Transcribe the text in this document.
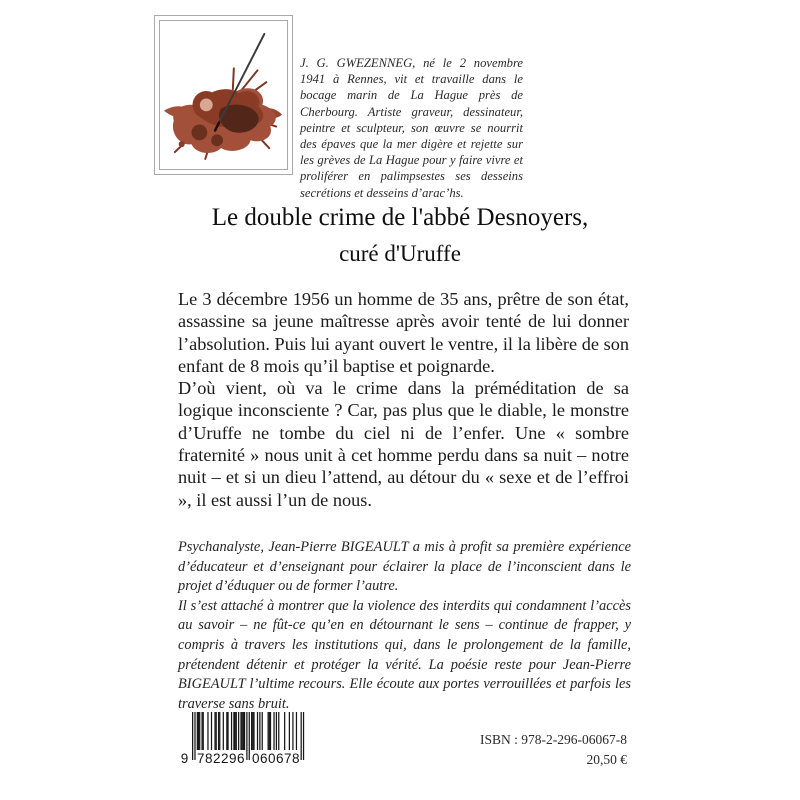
J. G. GWEZENNEG, né le 2 novembre 1941 à Rennes, vit et travaille dans le bocage marin de La Hague près de Cherbourg. Artiste graveur, dessinateur, peintre et sculpteur, son œuvre se nourrit des épaves que la mer digère et rejette sur les grèves de La Hague pour y faire vivre et proliférer en palimpsestes ses desseins secrétions et desseins d’arac’hs.
Le double crime de l'abbé Desnoyers,
curé d'Uruffe

Le 3 décembre 1956 un homme de 35 ans, prêtre de son état, assassine sa jeune maîtresse après avoir tenté de lui donner l’absolution. Puis lui ayant ouvert le ventre, il la libère de son enfant de 8 mois qu’il baptise et poignarde.

D’où vient, où va le crime dans la préméditation de sa logique inconsciente ? Car, pas plus que le diable, le monstre d’Uruffe ne tombe du ciel ni de l’enfer. Une « sombre fraternité » nous unit à cet homme perdu dans sa nuit – notre nuit – et si un dieu l’attend, au détour du « sexe et de l’effroi », il est aussi l’un de nous.

Psychanalyste, Jean-Pierre BIGEAULT a mis à profit sa première expérience d’éducateur et d’enseignant pour éclairer la place de l’inconscient dans le projet d’éduquer ou de former l’autre.

Il s’est attaché à montrer que la violence des interdits qui condamnent l’accès au savoir – ne fût-ce qu’en en détournant le sens – continue de frapper, y compris à travers les institutions qui, dans le prolongement de la famille, prétendent détenir et protéger la vérité. La poésie reste pour Jean-Pierre BIGEAULT l’ultime recours. Elle écoute aux portes verrouillées et parfois les traverse sans bruit.

9 782296 060678
ISBN : 978-2-296-06067-8
20,50 €
